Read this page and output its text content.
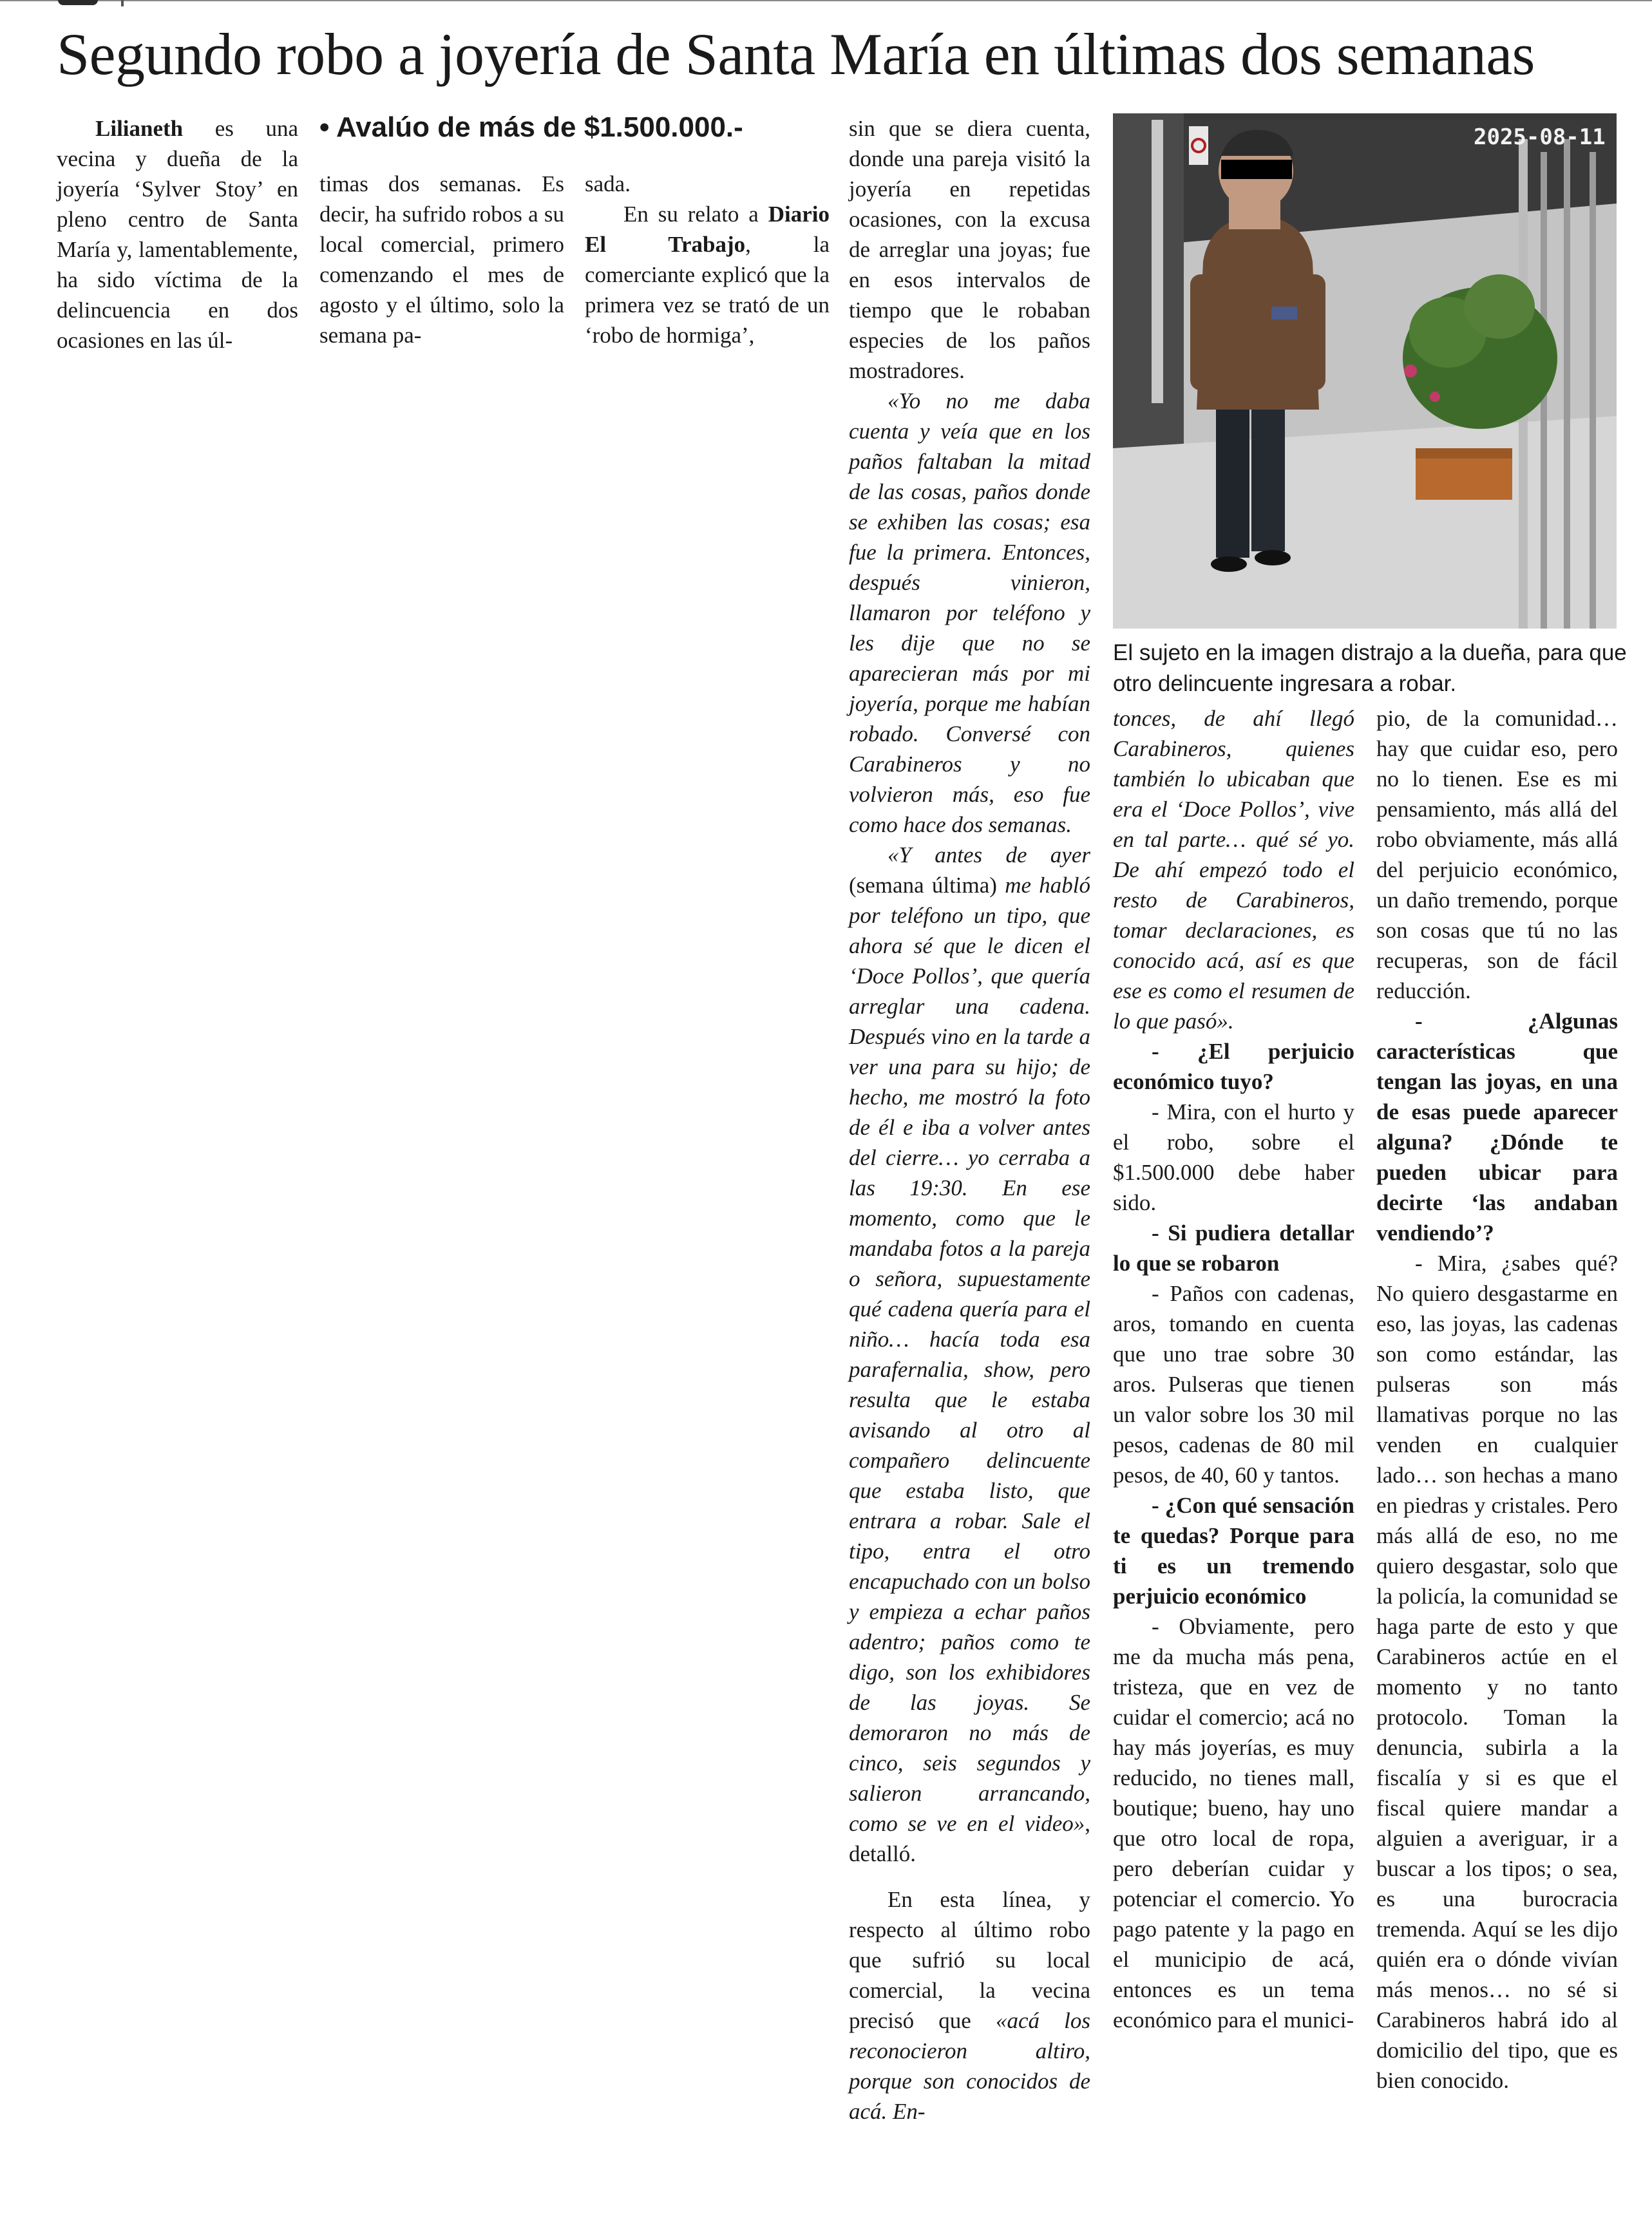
Segundo robo a joyería de Santa María en últimas dos semanas
• Avalúo de más de $1.500.000.-

Lilianeth es una vecina y dueña de la joyería ‘Sylver Stoy’ en pleno centro de Santa María y, lamentablemente, ha sido víctima de la delincuencia en dos ocasiones en las úl-

timas dos semanas. Es decir, ha sufrido robos a su local comercial, primero comenzando el mes de agosto y el último, solo la semana pa-

sada.

En su relato a Diario El Trabajo, la comerciante explicó que la primera vez se trató de un ‘robo de hormiga’,

sin que se diera cuenta, donde una pareja visitó la joyería en repetidas ocasiones, con la excusa de arreglar una joyas; fue en esos intervalos de tiempo que le robaban especies de los paños mostradores.

«Yo no me daba cuenta y veía que en los paños faltaban la mitad de las cosas, paños donde se exhiben las cosas; esa fue la primera. Entonces, después vinieron, llamaron por teléfono y les dije que no se aparecieran más por mi joyería, porque me habían robado. Conversé con Carabineros y no volvieron más, eso fue como hace dos semanas.

«Y antes de ayer (semana última) me habló por teléfono un tipo, que ahora sé que le dicen el ‘Doce Pollos’, que quería arreglar una cadena. Después vino en la tarde a ver una para su hijo; de hecho, me mostró la foto de él e iba a volver antes del cierre… yo cerraba a las 19:30. En ese momento, como que le mandaba fotos a la pareja o señora, supuestamente qué cadena quería para el niño… hacía toda esa parafernalia, show, pero resulta que le estaba avisando al otro al compañero delincuente que estaba listo, que entrara a robar. Sale el tipo, entra el otro encapuchado con un bolso y empieza a echar paños adentro; paños como te digo, son los exhibidores de las joyas. Se demoraron no más de cinco, seis segundos y salieron arrancando, como se ve en el video», detalló.

En esta línea, y respecto al último robo que sufrió su local comercial, la vecina precisó que «acá los reconocieron altiro, porque son conocidos de acá. En-

2025-08-11

El sujeto en la imagen distrajo a la dueña, para que otro delincuente ingresara a robar.

tonces, de ahí llegó Carabineros, quienes también lo ubicaban que era el ‘Doce Pollos’, vive en tal parte… qué sé yo. De ahí empezó todo el resto de Carabineros, tomar declaraciones, es conocido acá, así es que ese es como el resumen de lo que pasó».

- ¿El perjuicio económico tuyo?

- Mira, con el hurto y el robo, sobre el $1.500.000 debe haber sido.

- Si pudiera detallar lo que se robaron

- Paños con cadenas, aros, tomando en cuenta que uno trae sobre 30 aros. Pulseras que tienen un valor sobre los 30 mil pesos, cadenas de 80 mil pesos, de 40, 60 y tantos.

- ¿Con qué sensación te quedas? Porque para ti es un tremendo perjuicio económico

- Obviamente, pero me da mucha más pena, tristeza, que en vez de cuidar el comercio; acá no hay más joyerías, es muy reducido, no tienes mall, boutique; bueno, hay uno que otro local de ropa, pero deberían cuidar y potenciar el comercio. Yo pago patente y la pago en el municipio de acá, entonces es un tema económico para el munici-

pio, de la comunidad… hay que cuidar eso, pero no lo tienen. Ese es mi pensamiento, más allá del robo obviamente, más allá del perjuicio económico, un daño tremendo, porque son cosas que tú no las recuperas, son de fácil reducción.

- ¿Algunas características que tengan las joyas, en una de esas puede aparecer alguna? ¿Dónde te pueden ubicar para decirte ‘las andaban vendiendo’?

- Mira, ¿sabes qué? No quiero desgastarme en eso, las joyas, las cadenas son como estándar, las pulseras son más llamativas porque no las venden en cualquier lado… son hechas a mano en piedras y cristales. Pero más allá de eso, no me quiero desgastar, solo que la policía, la comunidad se haga parte de esto y que Carabineros actúe en el momento y no tanto protocolo. Toman la denuncia, subirla a la fiscalía y si es que el fiscal quiere mandar a alguien a averiguar, ir a buscar a los tipos; o sea, es una burocracia tremenda. Aquí se les dijo quién era o dónde vivían más menos… no sé si Carabineros habrá ido al domicilio del tipo, que es bien conocido.
